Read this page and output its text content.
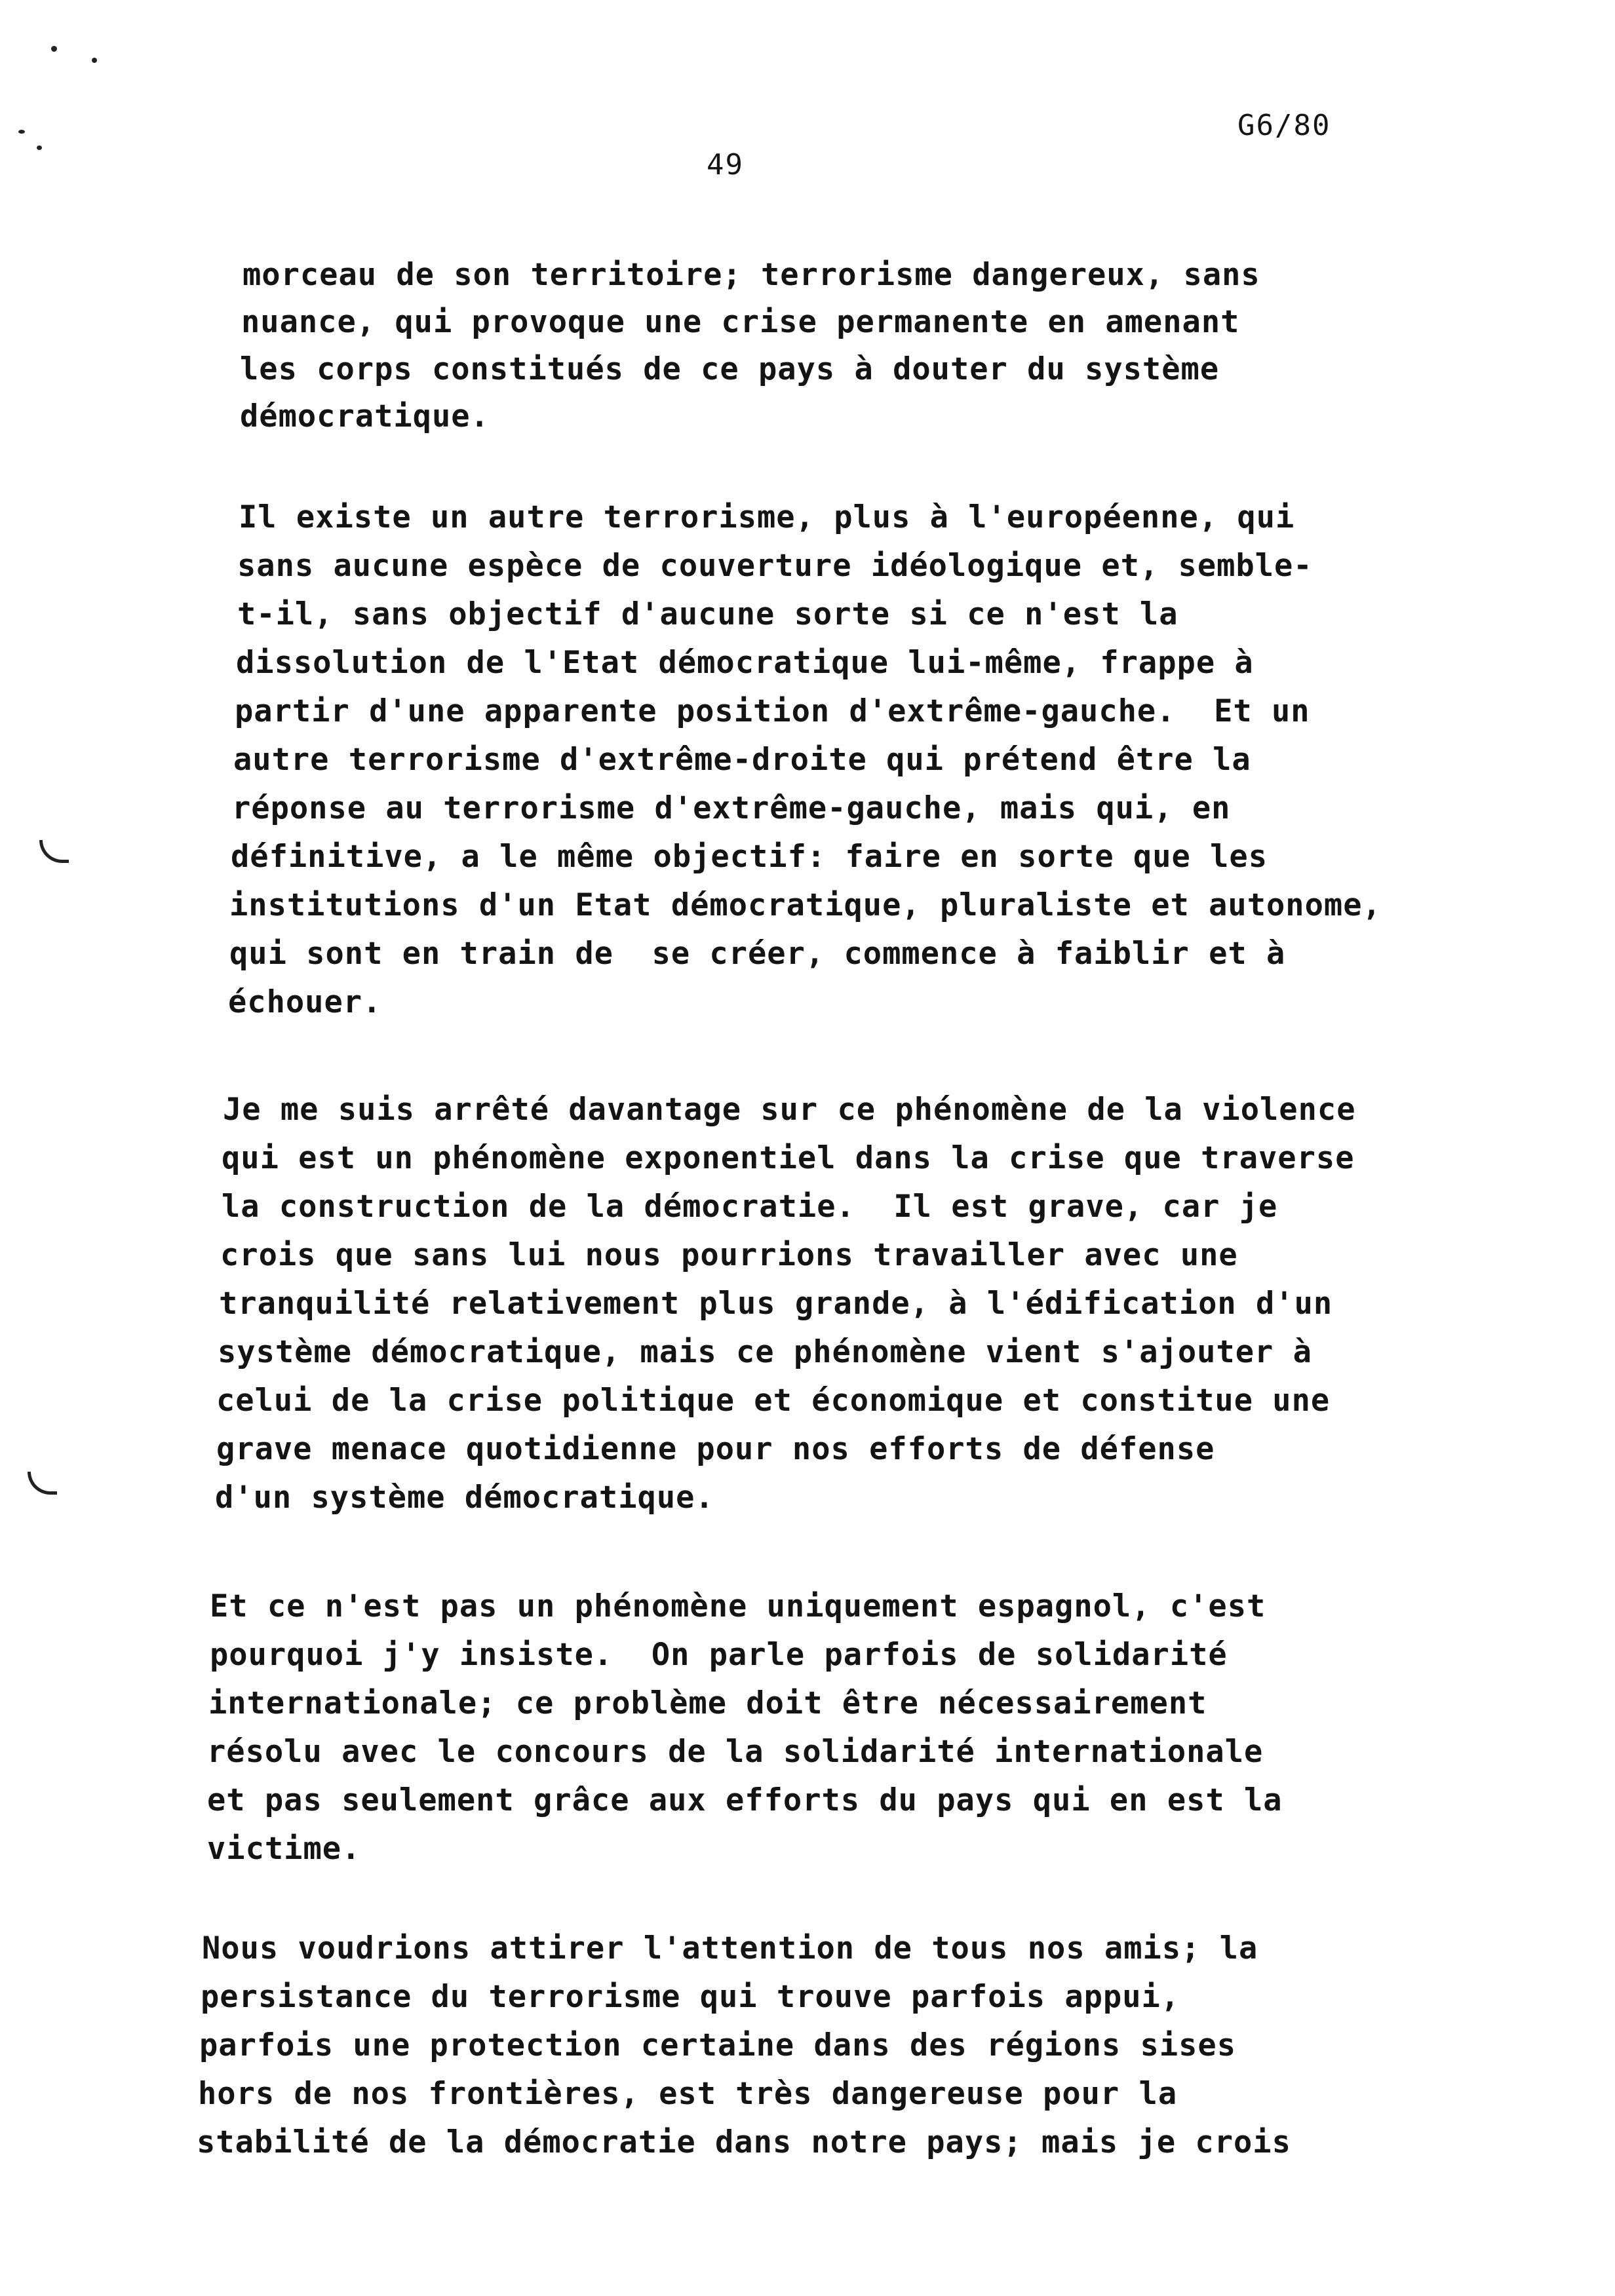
G6/80
49
morceau de son territoire; terrorisme dangereux, sans
nuance, qui provoque une crise permanente en amenant
les corps constitués de ce pays à douter du système
démocratique.
Il existe un autre terrorisme, plus à l'européenne, qui
sans aucune espèce de couverture idéologique et, semble-
t-il, sans objectif d'aucune sorte si ce n'est la
dissolution de l'Etat démocratique lui-même, frappe à
partir d'une apparente position d'extrême-gauche.  Et un
autre terrorisme d'extrême-droite qui prétend être la
réponse au terrorisme d'extrême-gauche, mais qui, en
définitive, a le même objectif: faire en sorte que les
institutions d'un Etat démocratique, pluraliste et autonome,
qui sont en train de  se créer, commence à faiblir et à
échouer.
Je me suis arrêté davantage sur ce phénomène de la violence
qui est un phénomène exponentiel dans la crise que traverse
la construction de la démocratie.  Il est grave, car je
crois que sans lui nous pourrions travailler avec une
tranquilité relativement plus grande, à l'édification d'un
système démocratique, mais ce phénomène vient s'ajouter à
celui de la crise politique et économique et constitue une
grave menace quotidienne pour nos efforts de défense
d'un système démocratique.
Et ce n'est pas un phénomène uniquement espagnol, c'est
pourquoi j'y insiste.  On parle parfois de solidarité
internationale; ce problème doit être nécessairement
résolu avec le concours de la solidarité internationale
et pas seulement grâce aux efforts du pays qui en est la
victime.
Nous voudrions attirer l'attention de tous nos amis; la
persistance du terrorisme qui trouve parfois appui,
parfois une protection certaine dans des régions sises
hors de nos frontières, est très dangereuse pour la
stabilité de la démocratie dans notre pays; mais je crois
